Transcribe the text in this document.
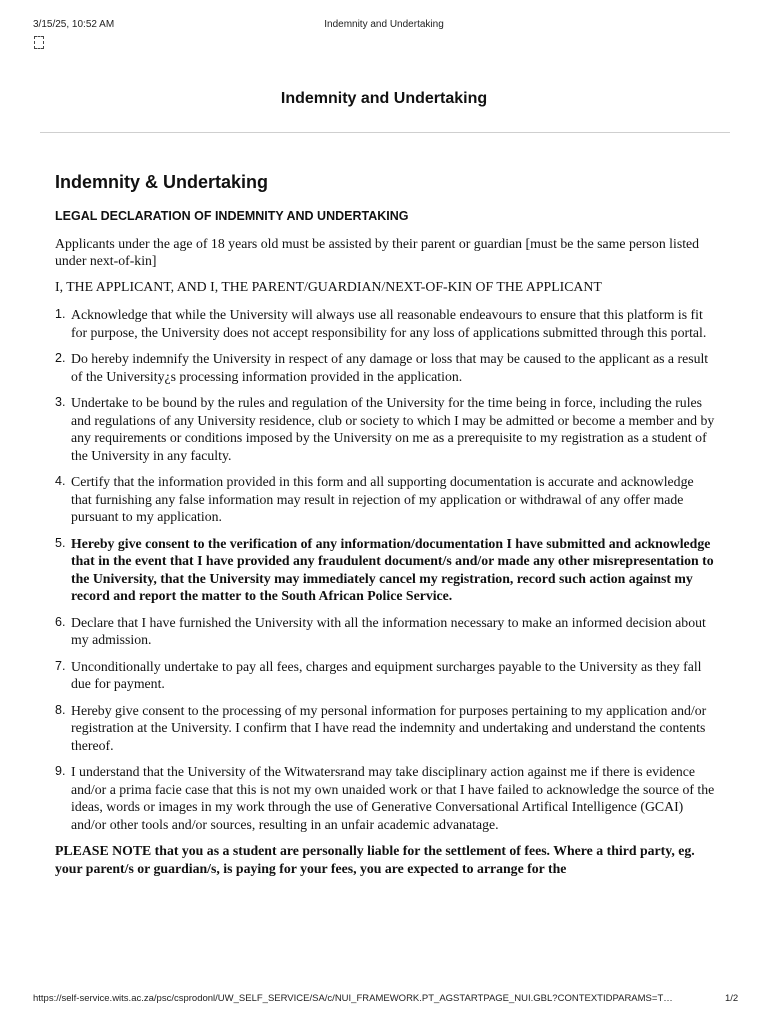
3/15/25, 10:52 AM	Indemnity and Undertaking
Indemnity and Undertaking
Indemnity & Undertaking
LEGAL DECLARATION OF INDEMNITY AND UNDERTAKING

Applicants under the age of 18 years old must be assisted by their parent or guardian [must be the same person listed under next-of-kin]

I, THE APPLICANT, AND I, THE PARENT/GUARDIAN/NEXT-OF-KIN OF THE APPLICANT

1. Acknowledge that while the University will always use all reasonable endeavours to ensure that this platform is fit for purpose, the University does not accept responsibility for any loss of applications submitted through this portal.
2. Do hereby indemnify the University in respect of any damage or loss that may be caused to the applicant as a result of the University¿s processing information provided in the application.
3. Undertake to be bound by the rules and regulation of the University for the time being in force, including the rules and regulations of any University residence, club or society to which I may be admitted or become a member and by any requirements or conditions imposed by the University on me as a prerequisite to my registration as a student of the University in any faculty.
4. Certify that the information provided in this form and all supporting documentation is accurate and acknowledge that furnishing any false information may result in rejection of my application or withdrawal of any offer made pursuant to my application.
5. Hereby give consent to the verification of any information/documentation I have submitted and acknowledge that in the event that I have provided any fraudulent document/s and/or made any other misrepresentation to the University, that the University may immediately cancel my registration, record such action against my record and report the matter to the South African Police Service.
6. Declare that I have furnished the University with all the information necessary to make an informed decision about my admission.
7. Unconditionally undertake to pay all fees, charges and equipment surcharges payable to the University as they fall due for payment.
8. Hereby give consent to the processing of my personal information for purposes pertaining to my application and/or registration at the University. I confirm that I have read the indemnity and undertaking and understand the contents thereof.
9. I understand that the University of the Witwatersrand may take disciplinary action against me if there is evidence and/or a prima facie case that this is not my own unaided work or that I have failed to acknowledge the source of the ideas, words or images in my work through the use of Generative Conversational Artifical Intelligence (GCAI) and/or other tools and/or sources, resulting in an unfair academic advanatage.

PLEASE NOTE that you as a student are personally liable for the settlement of fees. Where a third party, eg. your parent/s or guardian/s, is paying for your fees, you are expected to arrange for the

https://self-service.wits.ac.za/psc/csprodonl/UW_SELF_SERVICE/SA/c/NUI_FRAMEWORK.PT_AGSTARTPAGE_NUI.GBL?CONTEXTIDPARAMS=T…	1/2
